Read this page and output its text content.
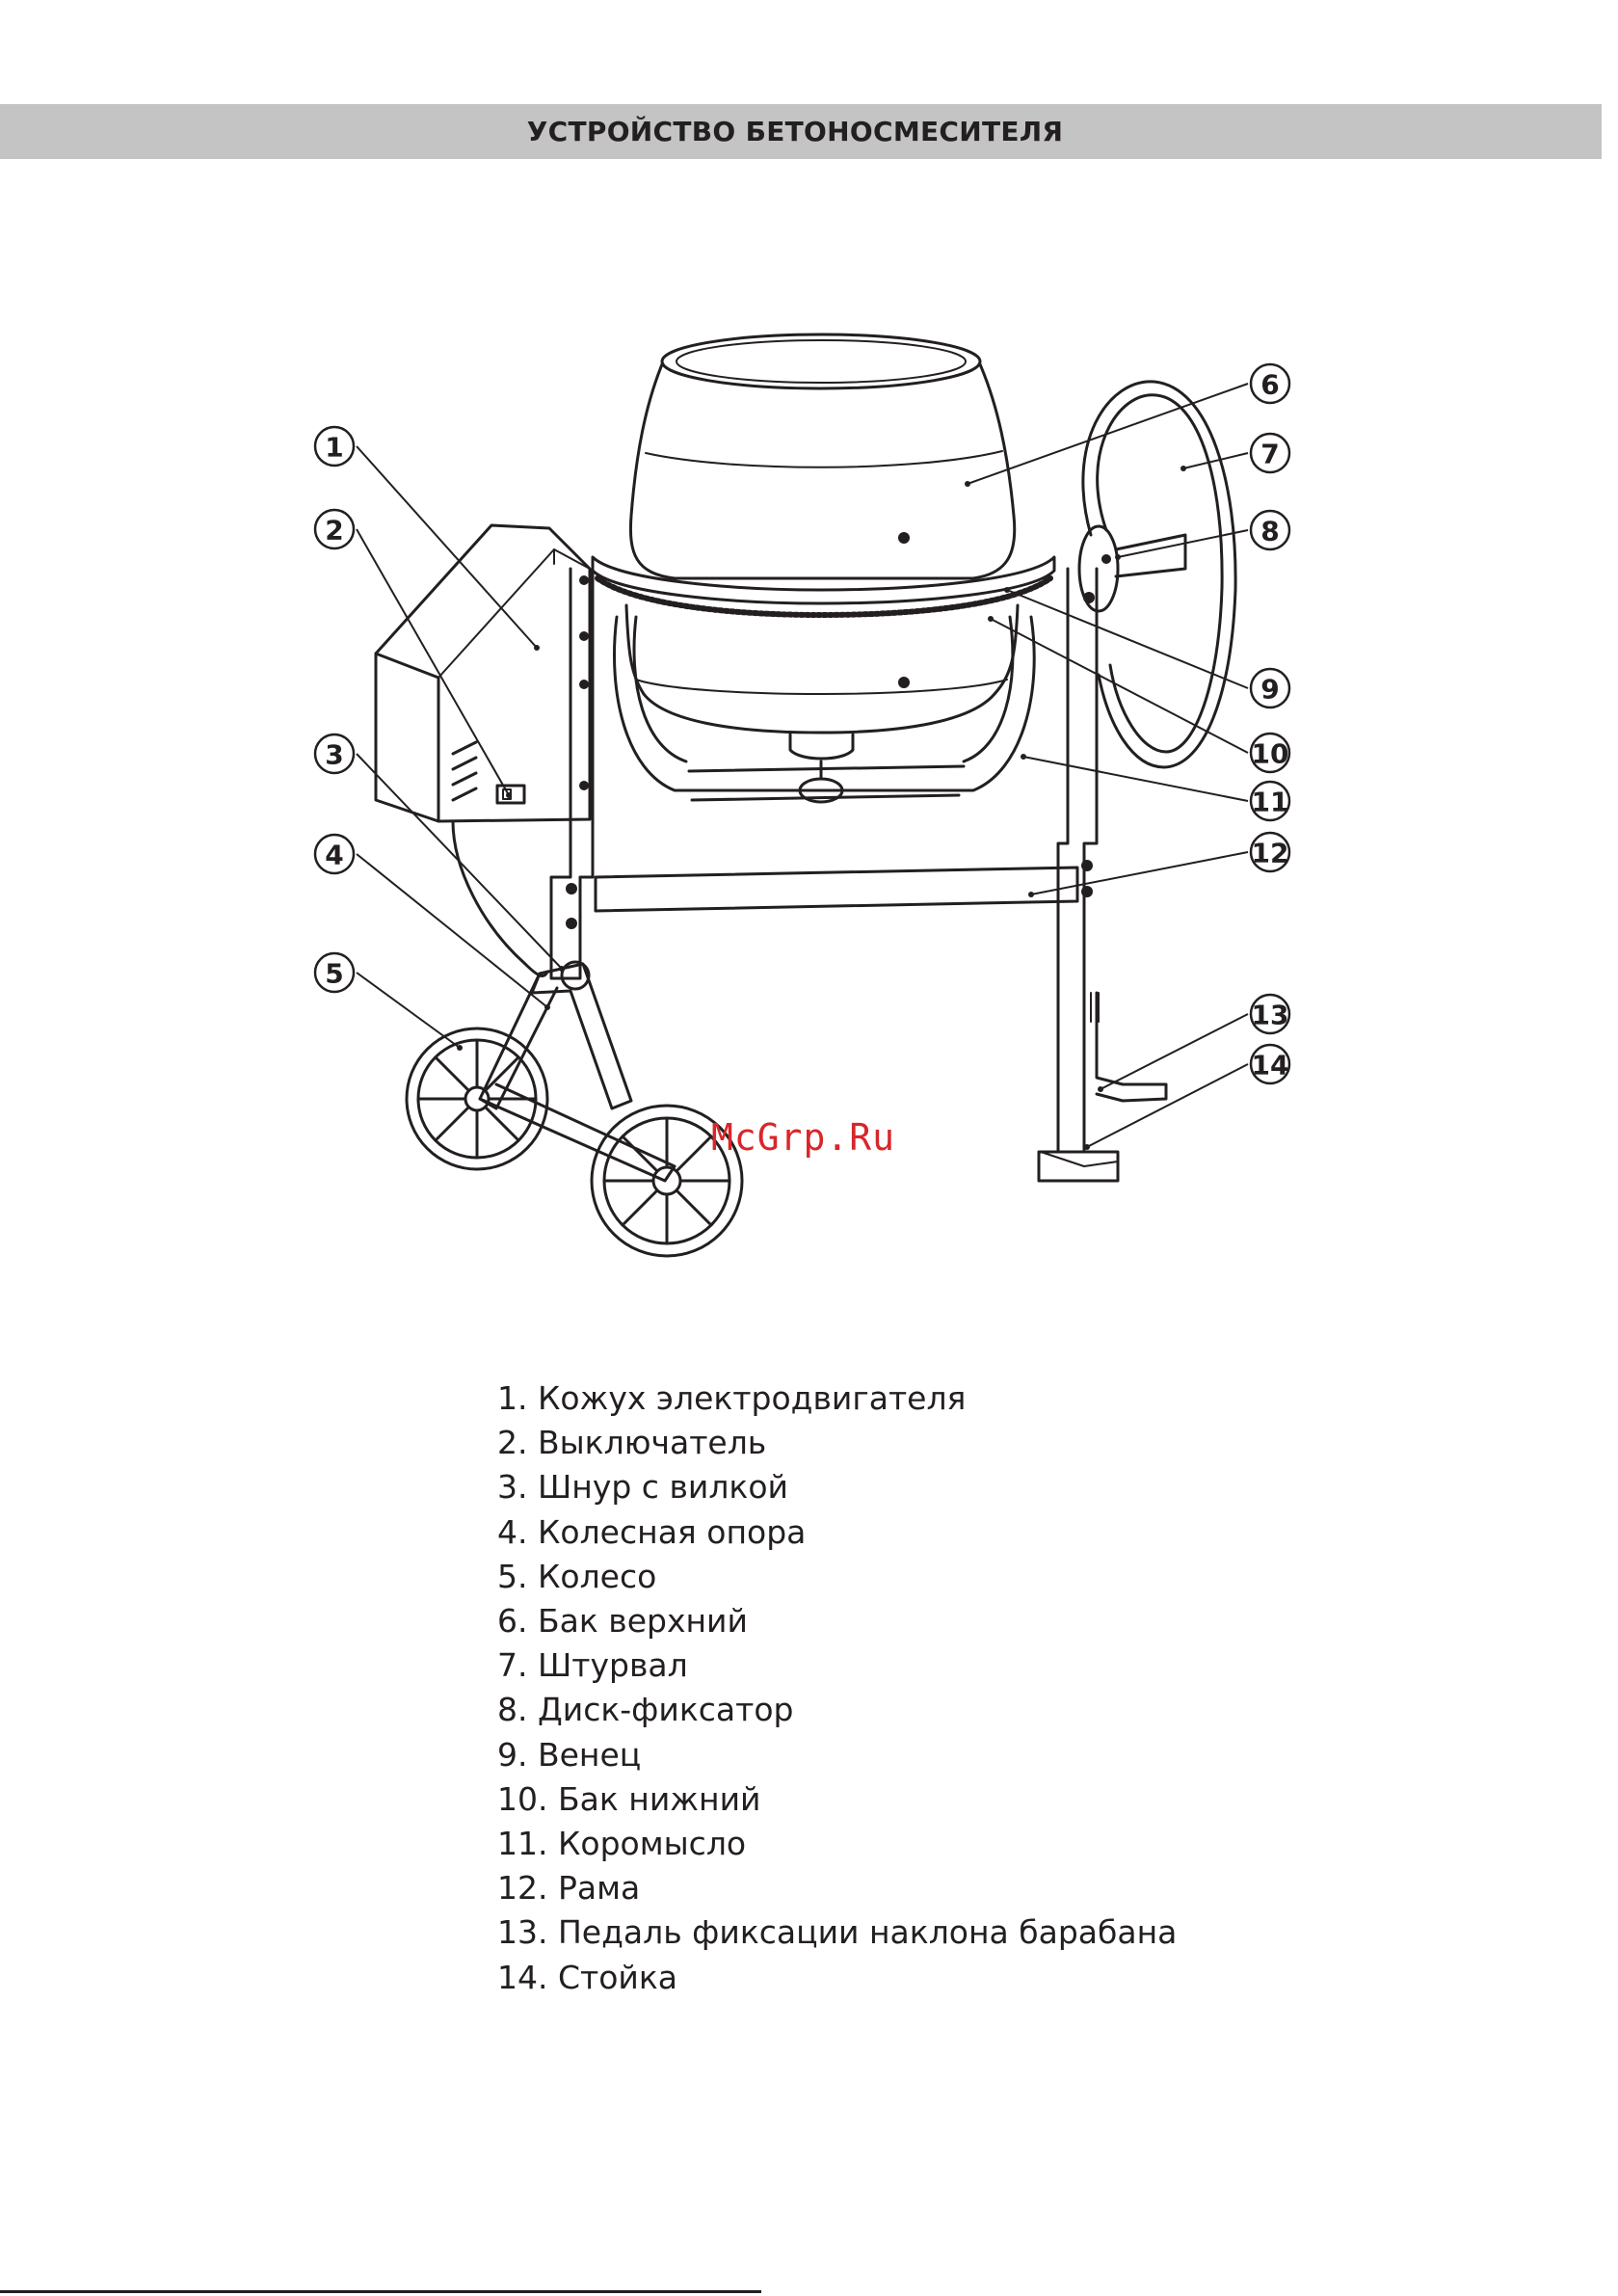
УСТРОЙСТВО БЕТОНОСМЕСИТЕЛЯ
1
2
3
4
5
6
7
8
9
10
11
12
13
14
McGrp.Ru
1. Кожух электродвигателя
2. Выключатель
3. Шнур с вилкой
4. Колесная опора
5. Колесо
6. Бак верхний
7. Штурвал
8. Диск-фиксатор
9. Венец
10. Бак нижний
11. Коромысло
12. Рама
13. Педаль фиксации наклона барабана
14. Стойка
